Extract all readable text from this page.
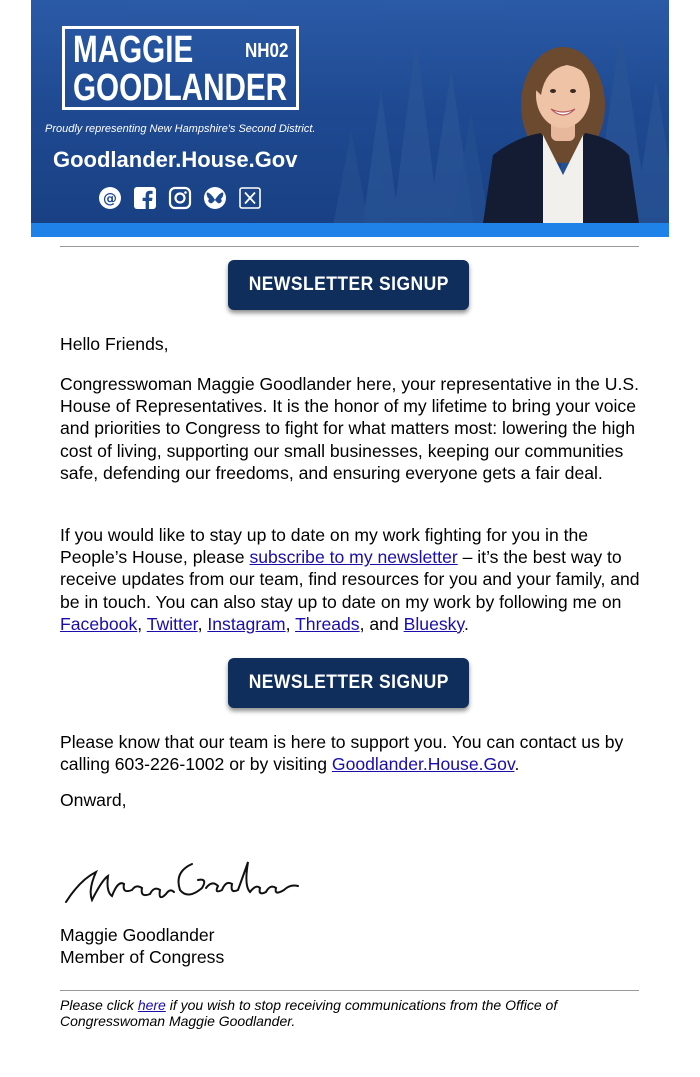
MAGGIE
GOODLANDER
NH02
Proudly representing New Hampshire's Second District.
Goodlander.House.Gov
@
NEWSLETTER SIGNUP
Hello Friends,
Congresswoman Maggie Goodlander here, your representative in the U.S. House of Representatives. It is the honor of my lifetime to bring your voice and priorities to Congress to fight for what matters most: lowering the high cost of living, supporting our small businesses, keeping our communities safe, defending our freedoms, and ensuring everyone gets a fair deal.
If you would like to stay up to date on my work fighting for you in the People’s House, please subscribe to my newsletter – it’s the best way to receive updates from our team, find resources for you and your family, and be in touch. You can also stay up to date on my work by following me on Facebook, Twitter, Instagram, Threads, and Bluesky.
NEWSLETTER SIGNUP
Please know that our team is here to support you. You can contact us by calling 603-226-1002 or by visiting Goodlander.House.Gov.
Onward,
Maggie Goodlander
Member of Congress
Please click here if you wish to stop receiving communications from the Office of Congresswoman Maggie Goodlander.
